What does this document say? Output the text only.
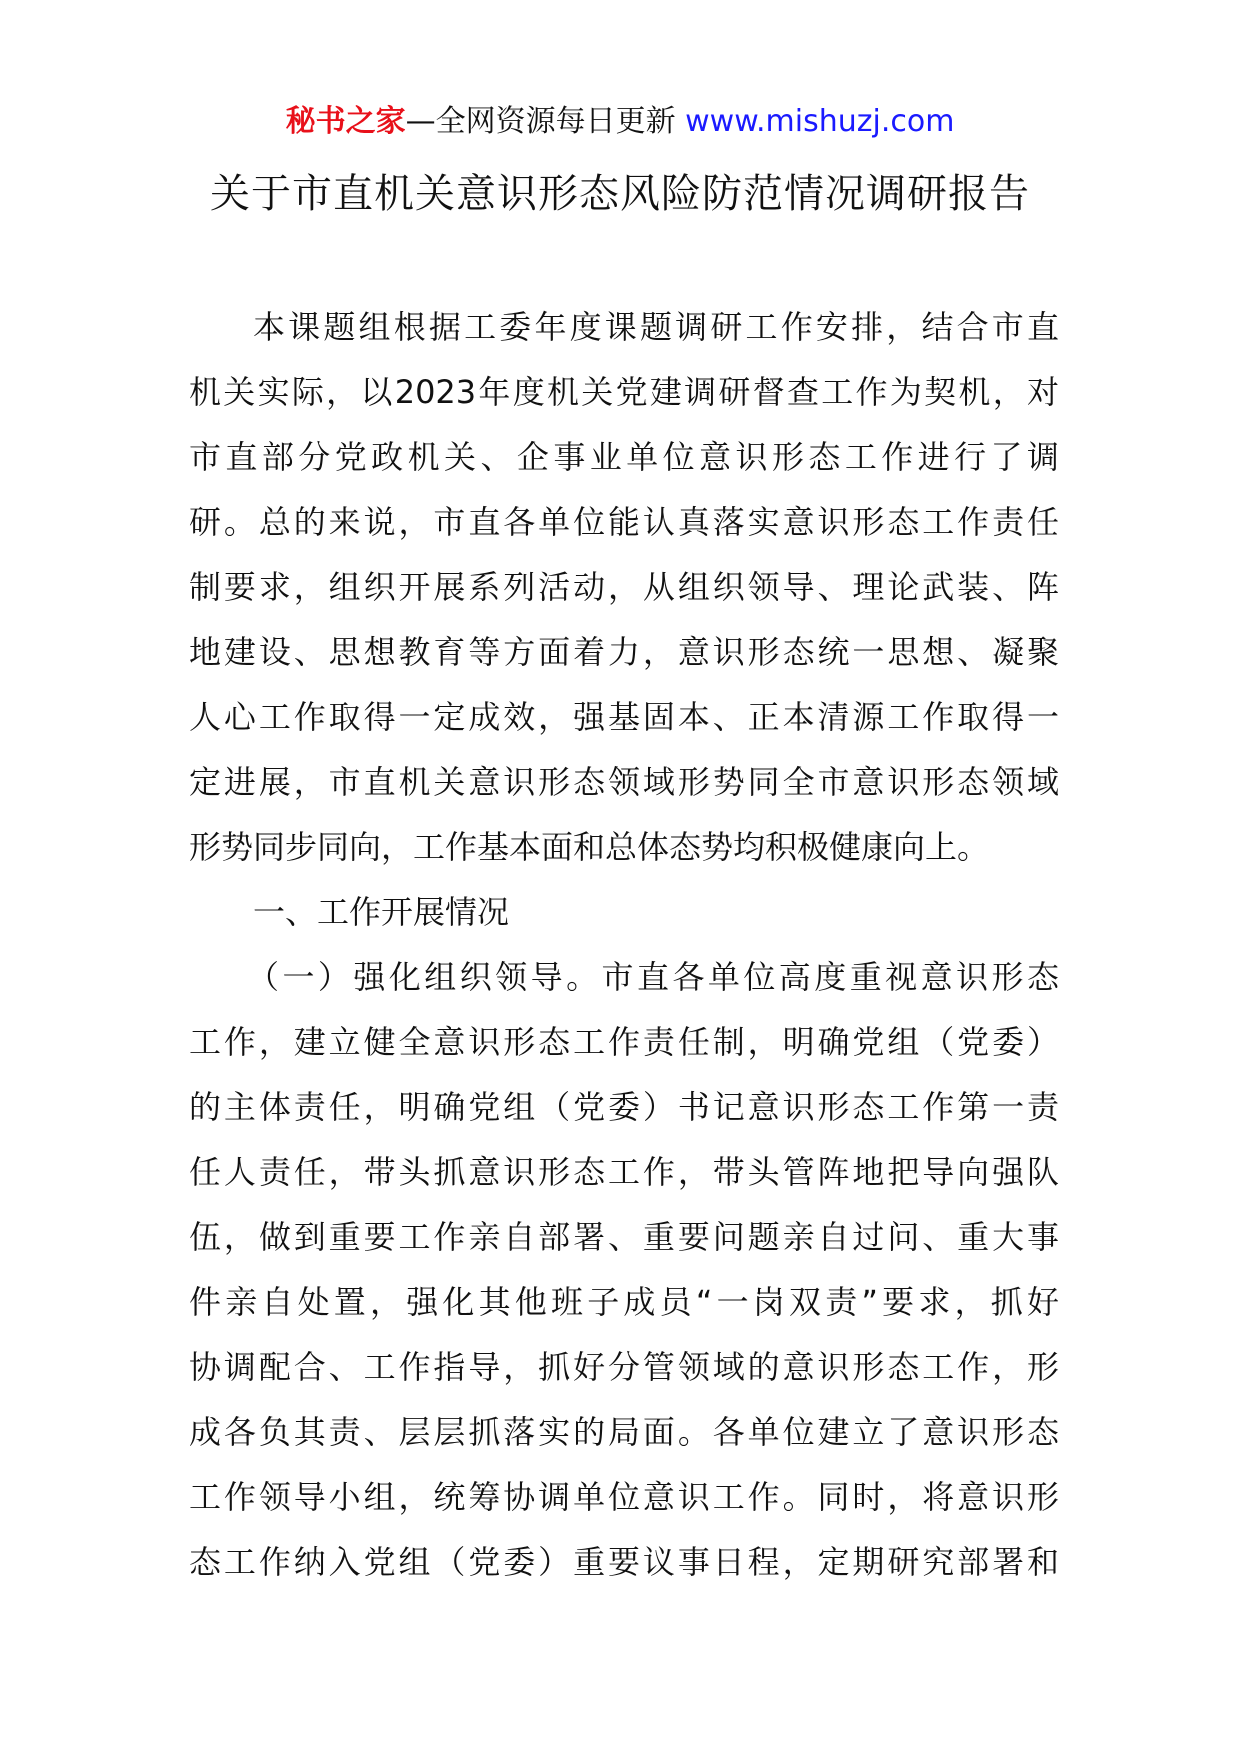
秘书之家—全网资源每日更新 www.mishuzj.com
关于市直机关意识形态风险防范情况调研报告
本课题组根据工委年度课题调研工作安排，结合市直
机关实际，以2023年度机关党建调研督查工作为契机，对
市直部分党政机关、企事业单位意识形态工作进行了调
研。总的来说，市直各单位能认真落实意识形态工作责任
制要求，组织开展系列活动，从组织领导、理论武装、阵
地建设、思想教育等方面着力，意识形态统一思想、凝聚
人心工作取得一定成效，强基固本、正本清源工作取得一
定进展，市直机关意识形态领域形势同全市意识形态领域
形势同步同向，工作基本面和总体态势均积极健康向上。
一、工作开展情况
（一）强化组织领导。市直各单位高度重视意识形态
工作，建立健全意识形态工作责任制，明确党组（党委）
的主体责任，明确党组（党委）书记意识形态工作第一责
任人责任，带头抓意识形态工作，带头管阵地把导向强队
伍，做到重要工作亲自部署、重要问题亲自过问、重大事
件亲自处置，强化其他班子成员“一岗双责”要求，抓好
协调配合、工作指导，抓好分管领域的意识形态工作，形
成各负其责、层层抓落实的局面。各单位建立了意识形态
工作领导小组，统筹协调单位意识工作。同时，将意识形
态工作纳入党组（党委）重要议事日程，定期研究部署和
